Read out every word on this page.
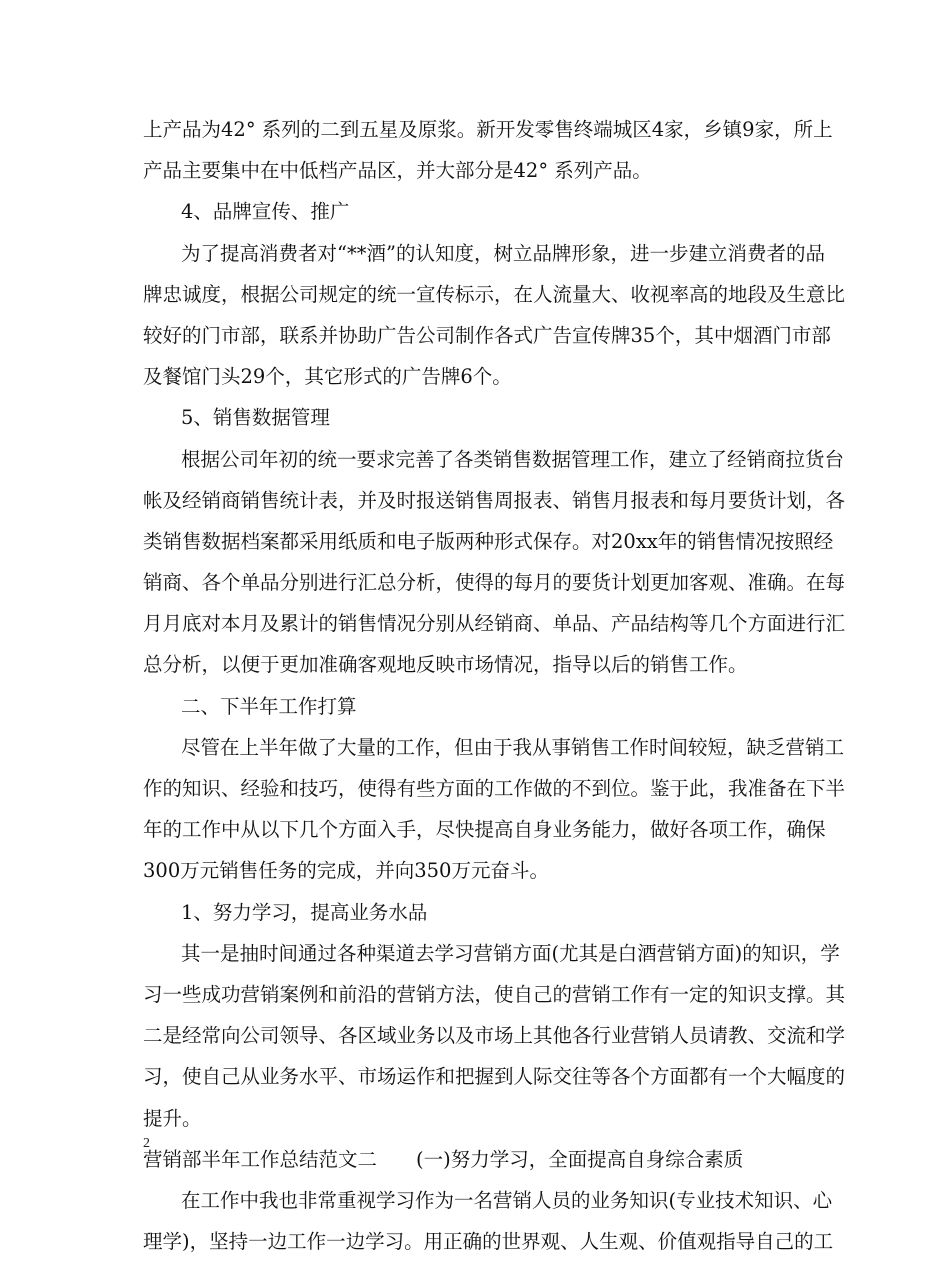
上产品为42° 系列的二到五星及原浆。新开发零售终端城区4家，乡镇9家，所上
产品主要集中在中低档产品区，并大部分是42° 系列产品。
4、品牌宣传、推广
为了提高消费者对“**酒”的认知度，树立品牌形象，进一步建立消费者的品
牌忠诚度，根据公司规定的统一宣传标示，在人流量大、收视率高的地段及生意比
较好的门市部，联系并协助广告公司制作各式广告宣传牌35个，其中烟酒门市部
及餐馆门头29个，其它形式的广告牌6个。
5、销售数据管理
根据公司年初的统一要求完善了各类销售数据管理工作，建立了经销商拉货台
帐及经销商销售统计表，并及时报送销售周报表、销售月报表和每月要货计划，各
类销售数据档案都采用纸质和电子版两种形式保存。对20xx年的销售情况按照经
销商、各个单品分别进行汇总分析，使得的每月的要货计划更加客观、准确。在每
月月底对本月及累计的销售情况分别从经销商、单品、产品结构等几个方面进行汇
总分析，以便于更加准确客观地反映市场情况，指导以后的销售工作。
二、下半年工作打算
尽管在上半年做了大量的工作，但由于我从事销售工作时间较短，缺乏营销工
作的知识、经验和技巧，使得有些方面的工作做的不到位。鉴于此，我准备在下半
年的工作中从以下几个方面入手，尽快提高自身业务能力，做好各项工作，确保
300万元销售任务的完成，并向350万元奋斗。
1、努力学习，提高业务水品
其一是抽时间通过各种渠道去学习营销方面(尤其是白酒营销方面)的知识，学
习一些成功营销案例和前沿的营销方法，使自己的营销工作有一定的知识支撑。其
二是经常向公司领导、各区域业务以及市场上其他各行业营销人员请教、交流和学
习，使自己从业务水平、市场运作和把握到人际交往等各个方面都有一个大幅度的
提升。
营销部半年工作总结范文二　　(一)努力学习，全面提高自身综合素质
在工作中我也非常重视学习作为一名营销人员的业务知识(专业技术知识、心
理学)，坚持一边工作一边学习。用正确的世界观、人生观、价值观指导自己的工
2
